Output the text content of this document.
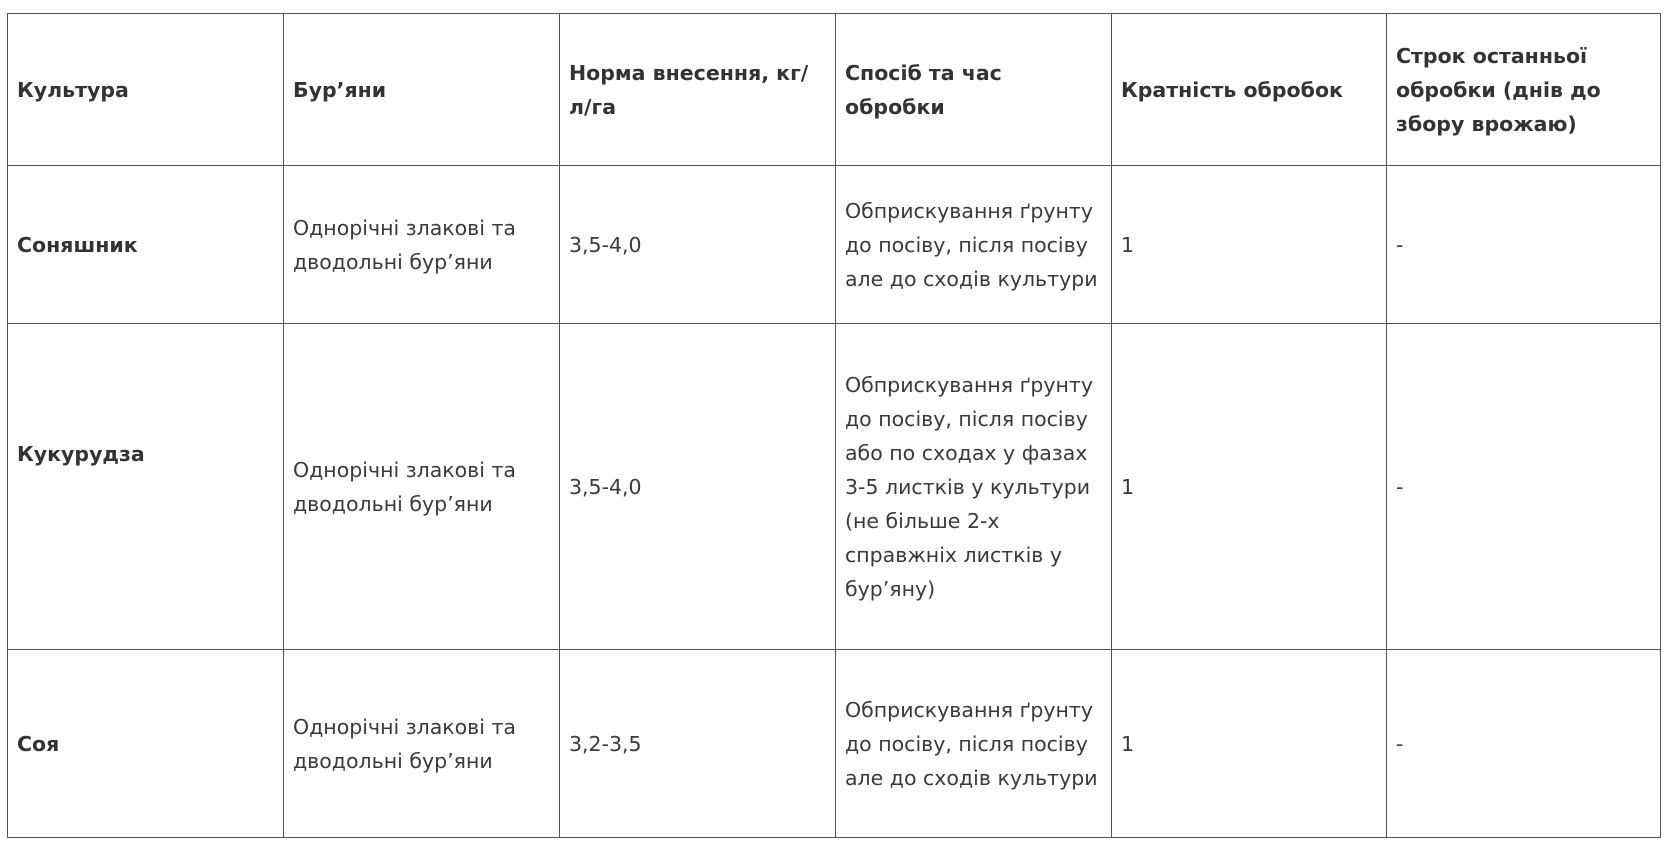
Культура	Бур’яни	Норма внесення, кг/л/га	Спосіб та час обробки	Кратність обробок	Строк останньої обробки (днів до збору врожаю)
Соняшник	Однорічні злакові та дводольні бур’яни	3,5-4,0	Обприскування ґрунту до посіву, після посіву але до сходів культури	1	-
Кукурудза	Однорічні злакові та дводольні бур’яни	3,5-4,0	Обприскування ґрунту до посіву, після посіву або по сходах у фазах 3-5 листків у культури (не більше 2-х справжніх листків у бур’яну)	1	-
Соя	Однорічні злакові та дводольні бур’яни	3,2-3,5	Обприскування ґрунту до посіву, після посіву але до сходів культури	1	-
